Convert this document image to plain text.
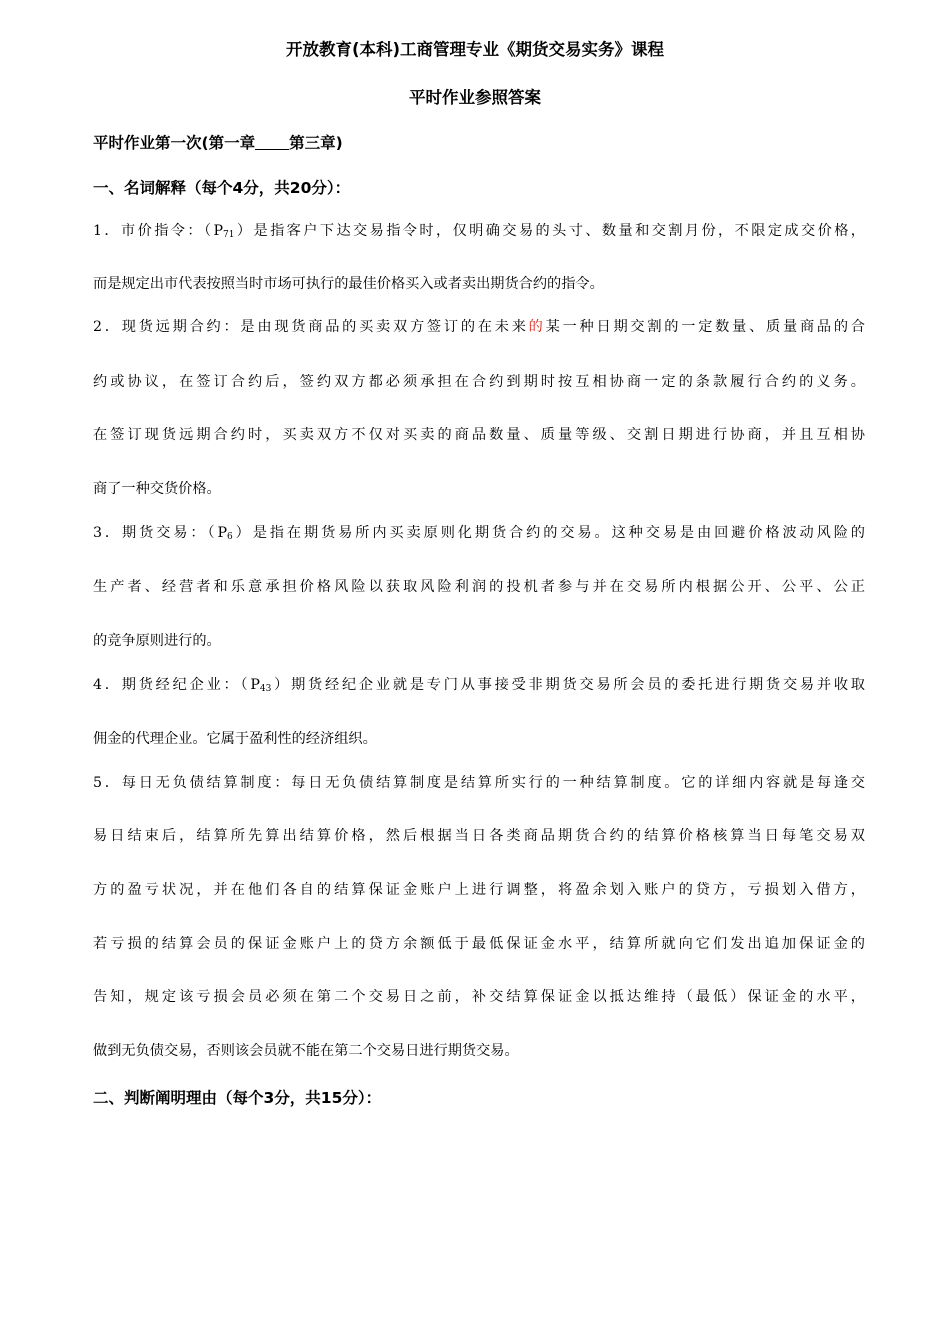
开放教育(本科)工商管理专业《期货交易实务》课程
平时作业参照答案
平时作业第一次(第一章 第三章)
一、名词解释（每个4分，共20分）：
1．市价指令：$(P_{71})$是指客户下达交易指令时，仅明确交易的头寸、数量和交割月份，不限定成交价格，
而是规定出市代表按照当时市场可执行的最佳价格买入或者卖出期货合约的指令。
2．现货远期合约：是由现货商品的买卖双方签订的在未来的某一种日期交割的一定数量、质量商品的合
约或协议，在签订合约后，签约双方都必须承担在合约到期时按互相协商一定的条款履行合约的义务。
在签订现货远期合约时，买卖双方不仅对买卖的商品数量、质量等级、交割日期进行协商，并且互相协
商了一种交货价格。
3．期货交易：$(P_6)$是指在期货易所内买卖原则化期货合约的交易。这种交易是由回避价格波动风险的
生产者、经营者和乐意承担价格风险以获取风险利润的投机者参与并在交易所内根据公开、公平、公正
的竞争原则进行的。
4．期货经纪企业：$(P_{43})$期货经纪企业就是专门从事接受非期货交易所会员的委托进行期货交易并收取
佣金的代理企业。它属于盈利性的经济组织。
5．每日无负债结算制度：每日无负债结算制度是结算所实行的一种结算制度。它的详细内容就是每逢交
易日结束后，结算所先算出结算价格，然后根据当日各类商品期货合约的结算价格核算当日每笔交易双
方的盈亏状况，并在他们各自的结算保证金账户上进行调整，将盈余划入账户的贷方，亏损划入借方，
若亏损的结算会员的保证金账户上的贷方余额低于最低保证金水平，结算所就向它们发出追加保证金的
告知，规定该亏损会员必须在第二个交易日之前，补交结算保证金以抵达维持（最低）保证金的水平，
做到无负债交易，否则该会员就不能在第二个交易日进行期货交易。
二、判断阐明理由（每个3分，共15分）：
